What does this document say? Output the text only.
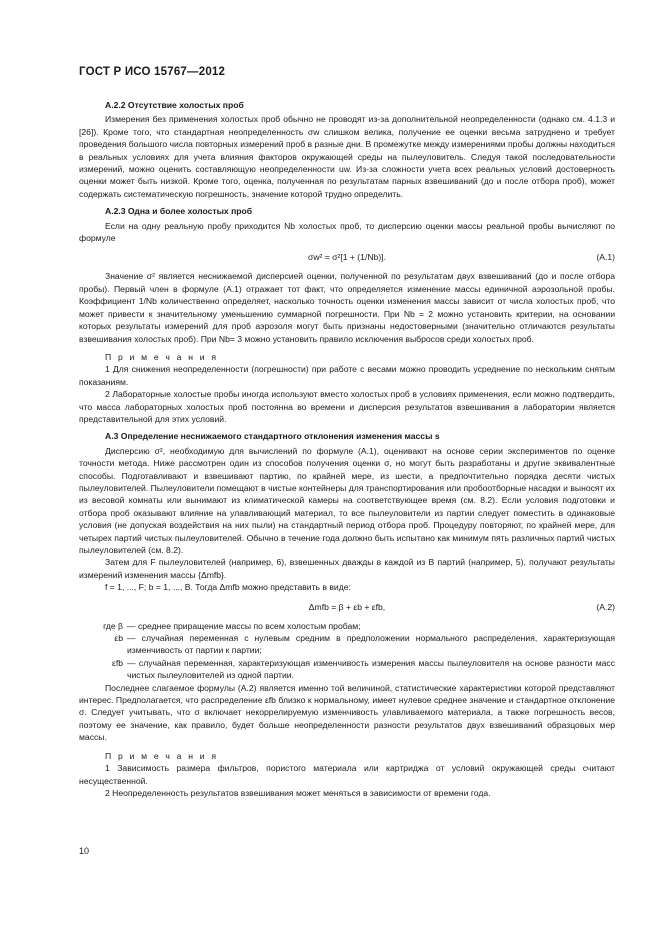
ГОСТ Р ИСО 15767—2012

А.2.2 Отсутствие холостых проб

Измерения без применения холостых проб обычно не проводят из-за дополнительной неопределенности (однако см. 4.1.3 и [26]). Кроме того, что стандартная неопределенность σw слишком велика, получение ее оценки весьма затруднено и требует проведения большого числа повторных измерений проб в разные дни. В промежутке между измерениями пробы должны находиться в реальных условиях для учета влияния факторов окружающей среды на пылеуловитель. Следуя такой последовательности измерений, можно оценить составляющую неопределенности uw. Из-за сложности учета всех реальных условий достоверность оценки может быть низкой. Кроме того, оценка, полученная по результатам парных взвешиваний (до и после отбора проб), может содержать систематическую погрешность, значение которой трудно определить.

А.2.3 Одна и более холостых проб

Если на одну реальную пробу приходится Nb холостых проб, то дисперсию оценки массы реальной пробы вычисляют по формуле

σw² = σ²[1 + (1/Nb)].	(А.1)

Значение σ² является неснижаемой дисперсией оценки, полученной по результатам двух взвешиваний (до и после отбора пробы). Первый член в формуле (А.1) отражает тот факт, что определяется изменение массы единичной аэрозольной пробы. Коэффициент 1/Nb количественно определяет, насколько точность оценки изменения массы зависит от числа холостых проб, что может привести к значительному уменьшению суммарной погрешности. При Nb = 2 можно установить критерии, на основании которых результаты измерений для проб аэрозоля могут быть признаны недостоверными (значительно отличаются результаты взвешивания холостых проб). При Nb= 3 можно установить правило исключения выбросов среди холостых проб.

П р и м е ч а н и я

1 Для снижения неопределенности (погрешности) при работе с весами можно проводить усреднение по нескольким снятым показаниям.

2 Лабораторные холостые пробы иногда используют вместо холостых проб в условиях применения, если можно подтвердить, что масса лабораторных холостых проб постоянна во времени и дисперсия результатов взвешивания в лаборатории является представительной для этих условий.

А.3 Определение неснижаемого стандартного отклонения изменения массы s

Дисперсию σ², необходимую для вычислений по формуле (А.1), оценивают на основе серии экспериментов по оценке точности метода. Ниже рассмотрен один из способов получения оценки σ, но могут быть разработаны и другие эквивалентные способы. Подготавливают и взвешивают партию, по крайней мере, из шести, а предпочтительно порядка десяти чистых пылеуловителей. Пылеуловители помещают в чистые контейнеры для транспортирования или пробоотборные насадки и выносят их из весовой комнаты или вынимают из климатической камеры на соответствующее время (см. 8.2). Если условия подготовки и отбора проб оказывают влияние на улавливающий материал, то все пылеуловители из партии следует поместить в одинаковые условия (не допуская воздействия на них пыли) на стандартный период отбора проб. Процедуру повторяют, по крайней мере, для четырех партий чистых пылеуловителей. Обычно в течение года должно быть испытано как минимум пять различных партий чистых пылеуловителей (см. 8.2).

Затем для F пылеуловителей (например, 6), взвешенных дважды в каждой из B партий (например, 5), получают результаты измерений изменения массы {Δmfb}.

f = 1, ..., F; b = 1, ..., B. Тогда Δmfb можно представить в виде:

Δmfb = β + εb + εfb,	(А.2)
где β — среднее приращение массы по всем холостым пробам;
εb — случайная переменная с нулевым средним в предположении нормального распределения, характеризующая изменчивость от партии к партии;
εfb — случайная переменная, характеризующая изменчивость измерения массы пылеуловителя на основе разности масс чистых пылеуловителей из одной партии.

Последнее слагаемое формулы (А.2) является именно той величиной, статистические характеристики которой представляют интерес. Предполагается, что распределение εfb близко к нормальному, имеет нулевое среднее значение и стандартное отклонение σ. Следует учитывать, что σ включает некоррелируемую изменчивость улавливаемого материала, а также погрешность весов, поэтому ее значение, как правило, будет больше неопределенности разности результатов двух взвешиваний образцовых мер массы.

П р и м е ч а н и я

1 Зависимость размера фильтров, пористого материала или картриджа от условий окружающей среды считают несущественной.

2 Неопределенность результатов взвешивания может меняться в зависимости от времени года.

10
